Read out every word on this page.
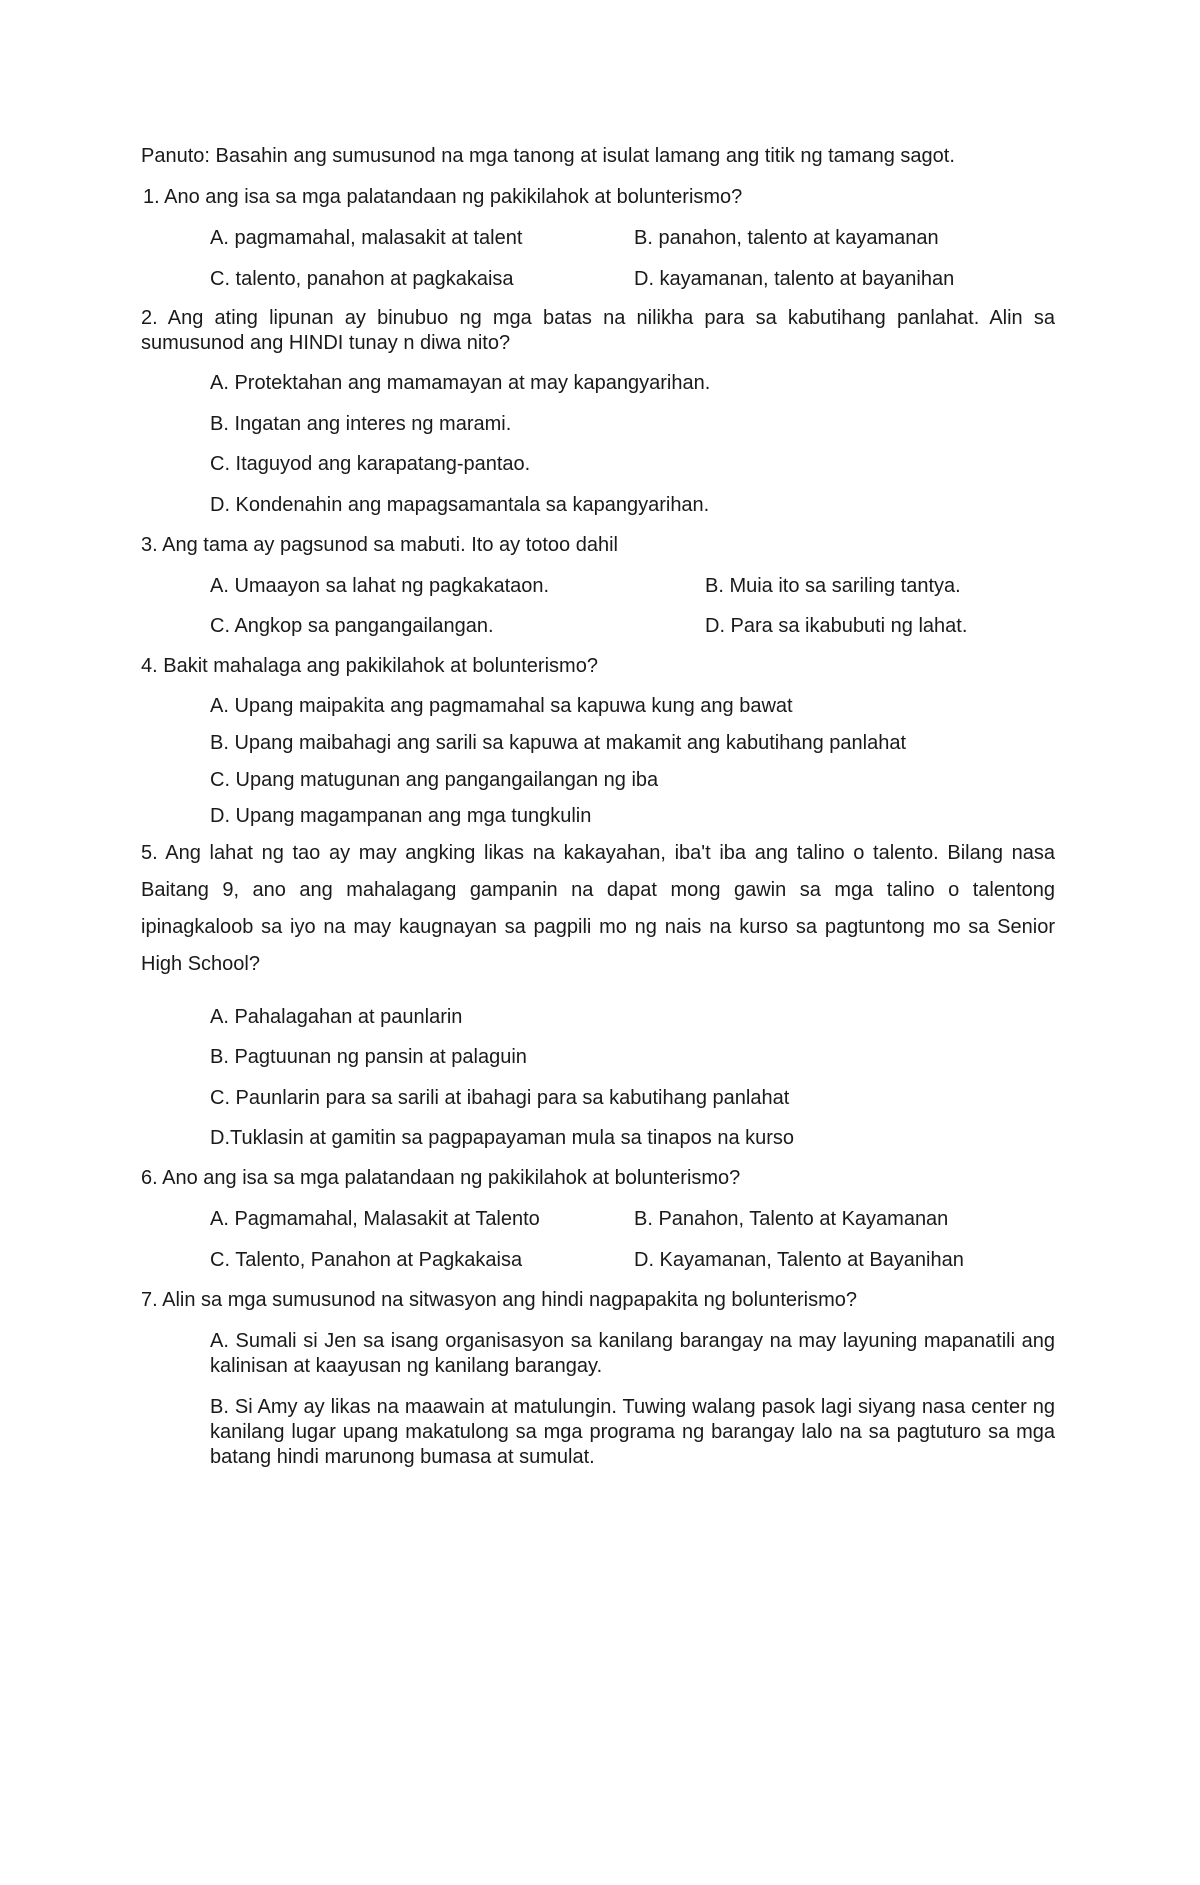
Panuto: Basahin ang sumusunod na mga tanong at isulat lamang ang titik ng tamang sagot.
1. Ano ang isa sa mga palatandaan ng pakikilahok at bolunterismo?
A. pagmamahal, malasakit at talent	B. panahon, talento at kayamanan
C. talento, panahon at pagkakaisa	D. kayamanan, talento at bayanihan
2. Ang ating lipunan ay binubuo ng mga batas na nilikha para sa kabutihang panlahat. Alin sa sumusunod ang HINDI tunay n diwa nito?
A. Protektahan ang mamamayan at may kapangyarihan.
B. Ingatan ang interes ng marami.
C. Itaguyod ang karapatang-pantao.
D. Kondenahin ang mapagsamantala sa kapangyarihan.
3. Ang tama ay pagsunod sa mabuti. Ito ay totoo dahil
A. Umaayon sa lahat ng pagkakataon.	B. Muia ito sa sariling tantya.
C. Angkop sa pangangailangan.	D. Para sa ikabubuti ng lahat.
4. Bakit mahalaga ang pakikilahok at bolunterismo?
A. Upang maipakita ang pagmamahal sa kapuwa kung ang bawat
B. Upang maibahagi ang sarili sa kapuwa at makamit ang kabutihang panlahat
C. Upang matugunan ang pangangailangan ng iba
D. Upang magampanan ang mga tungkulin
5. Ang lahat ng tao ay may angking likas na kakayahan, iba't iba ang talino o talento. Bilang nasa Baitang 9, ano ang mahalagang gampanin na dapat mong gawin sa mga talino o talentong ipinagkaloob sa iyo na may kaugnayan sa pagpili mo ng nais na kurso sa pagtuntong mo sa Senior High School?
A. Pahalagahan at paunlarin
B. Pagtuunan ng pansin at palaguin
C. Paunlarin para sa sarili at ibahagi para sa kabutihang panlahat
D.Tuklasin at gamitin sa pagpapayaman mula sa tinapos na kurso
6. Ano ang isa sa mga palatandaan ng pakikilahok at bolunterismo?
A. Pagmamahal, Malasakit at Talento	B. Panahon, Talento at Kayamanan
C. Talento, Panahon at Pagkakaisa	D. Kayamanan, Talento at Bayanihan
7. Alin sa mga sumusunod na sitwasyon ang hindi nagpapakita ng bolunterismo?
A. Sumali si Jen sa isang organisasyon sa kanilang barangay na may layuning mapanatili ang kalinisan at kaayusan ng kanilang barangay.
B. Si Amy ay likas na maawain at matulungin. Tuwing walang pasok lagi siyang nasa center ng kanilang lugar upang makatulong sa mga programa ng barangay lalo na sa pagtuturo sa mga batang hindi marunong bumasa at sumulat.
